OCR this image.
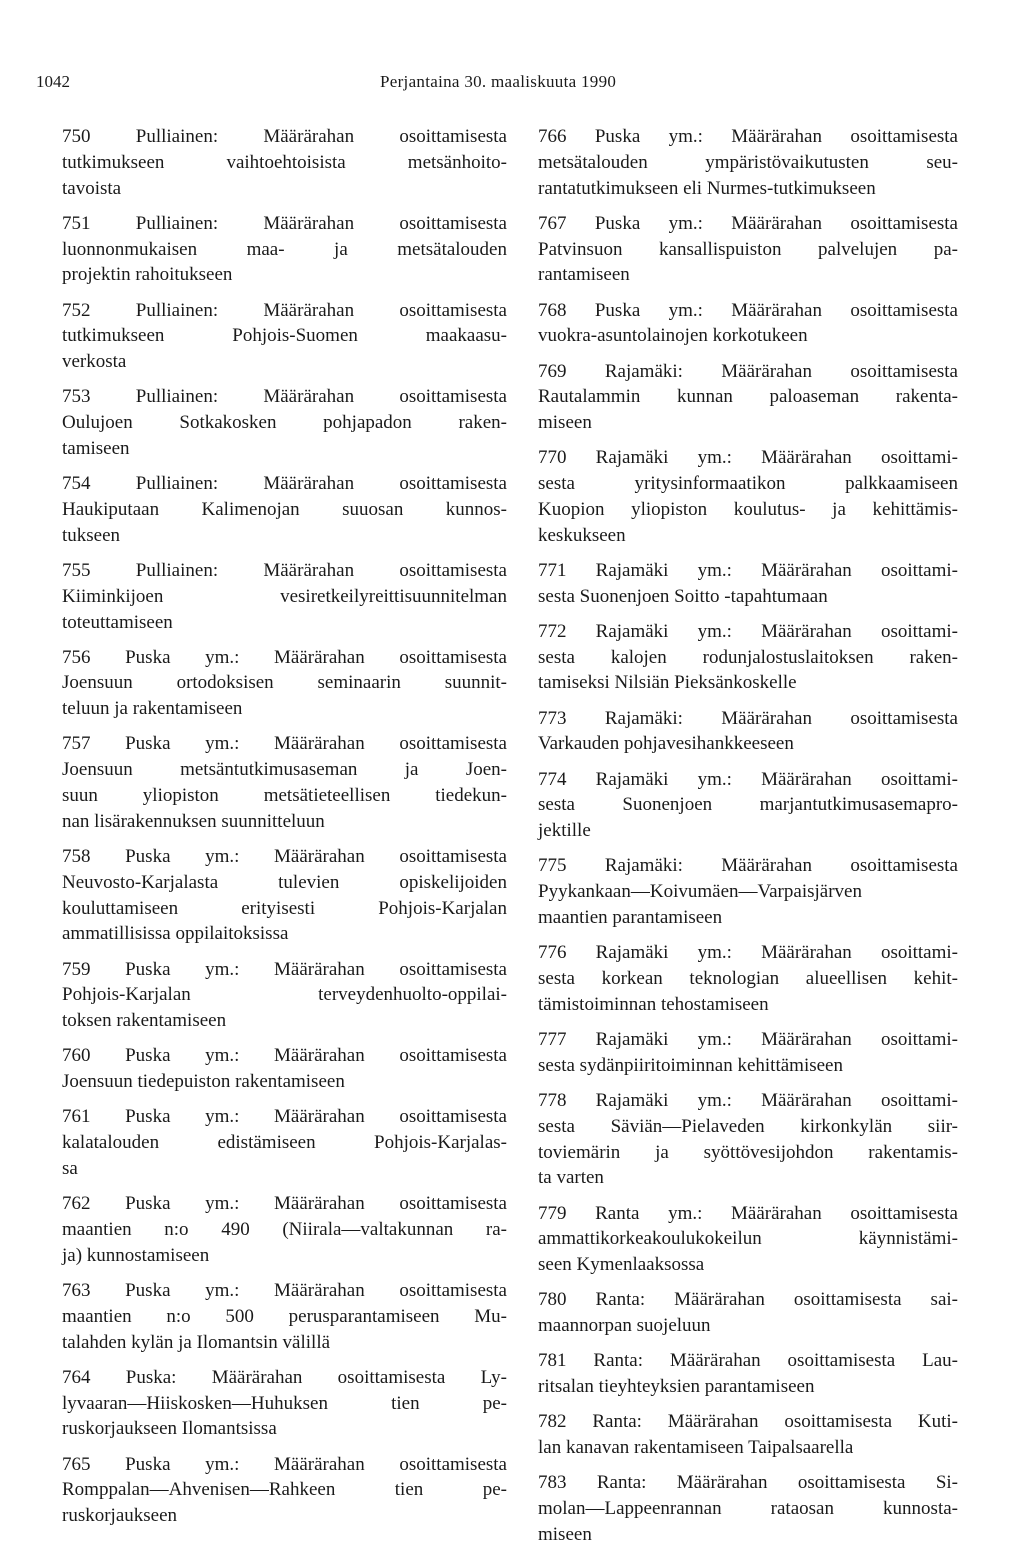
1042	Perjantaina 30. maaliskuuta 1990
750 Pulliainen: Määrärahan osoittamisesta
tutkimukseen vaihtoehtoisista metsänhoito-
tavoista
751 Pulliainen: Määrärahan osoittamisesta
luonnonmukaisen maa- ja metsätalouden
projektin rahoitukseen
752 Pulliainen: Määrärahan osoittamisesta
tutkimukseen Pohjois-Suomen maakaasu-
verkosta
753 Pulliainen: Määrärahan osoittamisesta
Oulujoen Sotkakosken pohjapadon raken-
tamiseen
754 Pulliainen: Määrärahan osoittamisesta
Haukiputaan Kalimenojan suuosan kunnos-
tukseen
755 Pulliainen: Määrärahan osoittamisesta
Kiiminkijoen vesiretkeilyreittisuunnitelman
toteuttamiseen
756 Puska ym.: Määrärahan osoittamisesta
Joensuun ortodoksisen seminaarin suunnit-
teluun ja rakentamiseen
757 Puska ym.: Määrärahan osoittamisesta
Joensuun metsäntutkimusaseman ja Joen-
suun yliopiston metsätieteellisen tiedekun-
nan lisärakennuksen suunnitteluun
758 Puska ym.: Määrärahan osoittamisesta
Neuvosto-Karjalasta tulevien opiskelijoiden
kouluttamiseen erityisesti Pohjois-Karjalan
ammatillisissa oppilaitoksissa
759 Puska ym.: Määrärahan osoittamisesta
Pohjois-Karjalan terveydenhuolto-oppilai-
toksen rakentamiseen
760 Puska ym.: Määrärahan osoittamisesta
Joensuun tiedepuiston rakentamiseen
761 Puska ym.: Määrärahan osoittamisesta
kalatalouden edistämiseen Pohjois-Karjalas-
sa
762 Puska ym.: Määrärahan osoittamisesta
maantien n:o 490 (Niirala—valtakunnan ra-
ja) kunnostamiseen
763 Puska ym.: Määrärahan osoittamisesta
maantien n:o 500 perusparantamiseen Mu-
talahden kylän ja Ilomantsin välillä
764 Puska: Määrärahan osoittamisesta Ly-
lyvaaran—Hiiskosken—Huhuksen tien pe-
ruskorjaukseen Ilomantsissa
765 Puska ym.: Määrärahan osoittamisesta
Romppalan—Ahvenisen—Rahkeen tien pe-
ruskorjaukseen
766 Puska ym.: Määrärahan osoittamisesta
metsätalouden ympäristövaikutusten seu-
rantatutkimukseen eli Nurmes-tutkimukseen
767 Puska ym.: Määrärahan osoittamisesta
Patvinsuon kansallispuiston palvelujen pa-
rantamiseen
768 Puska ym.: Määrärahan osoittamisesta
vuokra-asuntolainojen korkotukeen
769 Rajamäki: Määrärahan osoittamisesta
Rautalammin kunnan paloaseman rakenta-
miseen
770 Rajamäki ym.: Määrärahan osoittami-
sesta yritysinformaatikon palkkaamiseen
Kuopion yliopiston koulutus- ja kehittämis-
keskukseen
771 Rajamäki ym.: Määrärahan osoittami-
sesta Suonenjoen Soitto -tapahtumaan
772 Rajamäki ym.: Määrärahan osoittami-
sesta kalojen rodunjalostuslaitoksen raken-
tamiseksi Nilsiän Pieksänkoskelle
773 Rajamäki: Määrärahan osoittamisesta
Varkauden pohjavesihankkeeseen
774 Rajamäki ym.: Määrärahan osoittami-
sesta Suonenjoen marjantutkimusasemapro-
jektille
775 Rajamäki: Määrärahan osoittamisesta
Pyykankaan—Koivumäen—Varpaisjärven
maantien parantamiseen
776 Rajamäki ym.: Määrärahan osoittami-
sesta korkean teknologian alueellisen kehit-
tämistoiminnan tehostamiseen
777 Rajamäki ym.: Määrärahan osoittami-
sesta sydänpiiritoiminnan kehittämiseen
778 Rajamäki ym.: Määrärahan osoittami-
sesta Säviän—Pielaveden kirkonkylän siir-
toviemärin ja syöttövesijohdon rakentamis-
ta varten
779 Ranta ym.: Määrärahan osoittamisesta
ammattikorkeakoulukokeilun käynnistämi-
seen Kymenlaaksossa
780 Ranta: Määrärahan osoittamisesta sai-
maannorpan suojeluun
781 Ranta: Määrärahan osoittamisesta Lau-
ritsalan tieyhteyksien parantamiseen
782 Ranta: Määrärahan osoittamisesta Kuti-
lan kanavan rakentamiseen Taipalsaarella
783 Ranta: Määrärahan osoittamisesta Si-
molan—Lappeenrannan rataosan kunnosta-
miseen
